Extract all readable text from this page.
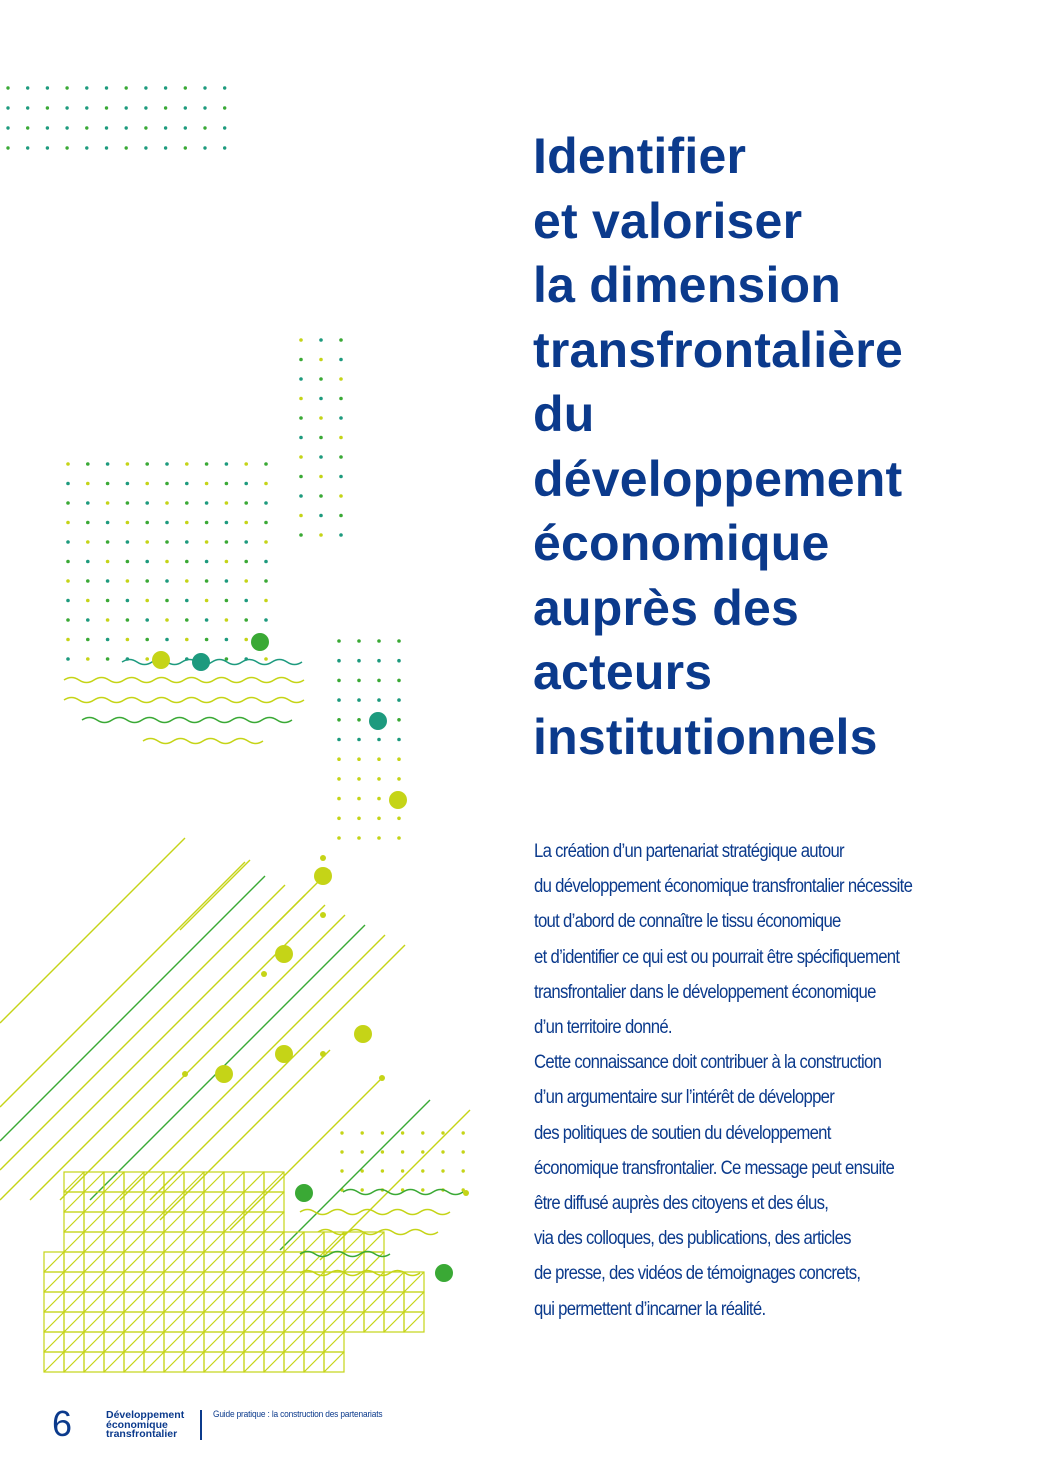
Identifier
et valoriser
la dimension
transfrontalière
du
développement
économique
auprès des
acteurs
institutionnels
La création d’un partenariat stratégique autour
du développement économique transfrontalier nécessite
tout d’abord de connaître le tissu économique
et d’identifier ce qui est ou pourrait être spécifiquement
transfrontalier dans le développement économique
d’un territoire donné.
Cette connaissance doit contribuer à la construction
d’un argumentaire sur l’intérêt de développer
des politiques de soutien du développement
économique transfrontalier. Ce message peut ensuite
être diffusé auprès des citoyens et des élus,
via des colloques, des publications, des articles
de presse, des vidéos de témoignages concrets,
qui permettent d’incarner la réalité.
6	Développement
économique
transfrontalier
Guide pratique : la construction des partenariats
